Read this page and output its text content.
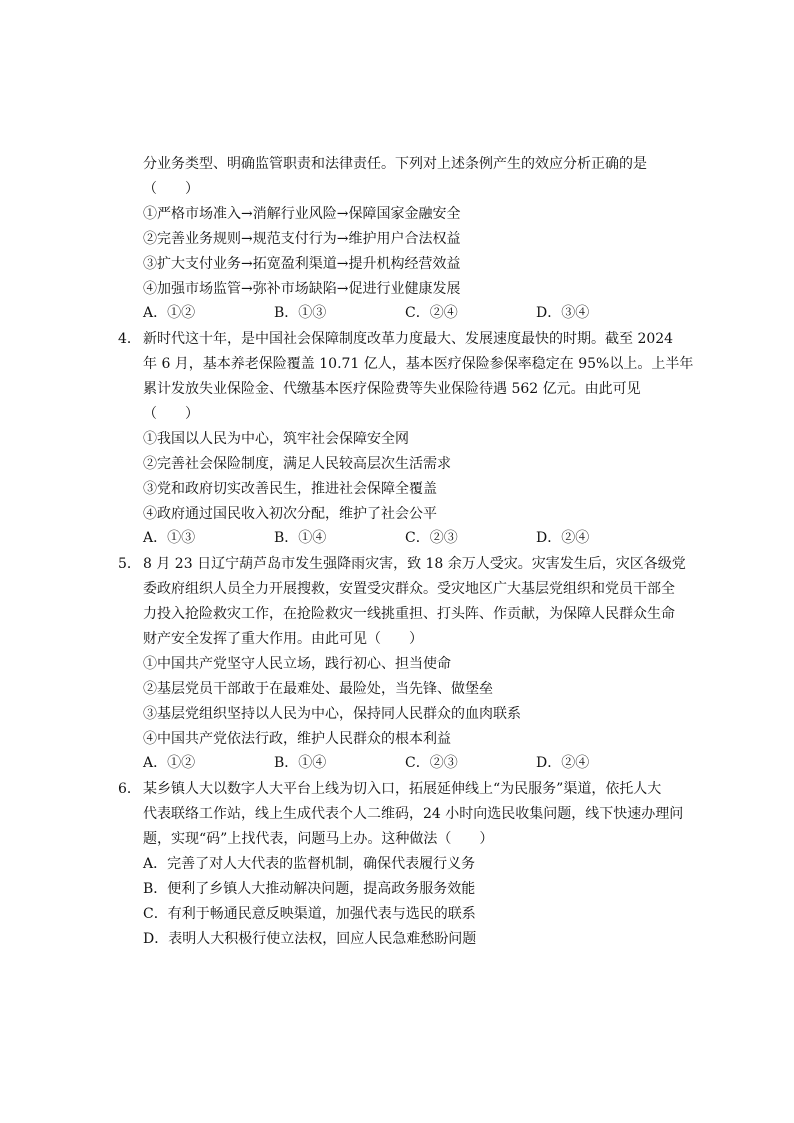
分业务类型、明确监管职责和法律责任。下列对上述条例产生的效应分析正确的是
（　　）
①严格市场准入→消解行业风险→保障国家金融安全
②完善业务规则→规范支付行为→维护用户合法权益
③扩大支付业务→拓宽盈利渠道→提升机构经营效益
④加强市场监管→弥补市场缺陷→促进行业健康发展
A．①②	B．①③	C．②④	D．③④
4． 新时代这十年，是中国社会保障制度改革力度最大、发展速度最快的时期。截至 2024
年 6 月，基本养老保险覆盖 10.71 亿人，基本医疗保险参保率稳定在 95%以上。上半年
累计发放失业保险金、代缴基本医疗保险费等失业保险待遇 562 亿元。由此可见
（　　）
①我国以人民为中心，筑牢社会保障安全网
②完善社会保险制度，满足人民较高层次生活需求
③党和政府切实改善民生，推进社会保障全覆盖
④政府通过国民收入初次分配，维护了社会公平
A．①③	B．①④	C．②③	D．②④
5． 8 月 23 日辽宁葫芦岛市发生强降雨灾害，致 18 余万人受灾。灾害发生后，灾区各级党
委政府组织人员全力开展搜救，安置受灾群众。受灾地区广大基层党组织和党员干部全
力投入抢险救灾工作，在抢险救灾一线挑重担、打头阵、作贡献，为保障人民群众生命
财产安全发挥了重大作用。由此可见（　　）
①中国共产党坚守人民立场，践行初心、担当使命
②基层党员干部敢于在最难处、最险处，当先锋、做堡垒
③基层党组织坚持以人民为中心，保持同人民群众的血肉联系
④中国共产党依法行政，维护人民群众的根本利益
A．①②	B．①④	C．②③	D．②④
6． 某乡镇人大以数字人大平台上线为切入口，拓展延伸线上“为民服务”渠道，依托人大
代表联络工作站，线上生成代表个人二维码，24 小时向选民收集问题，线下快速办理问
题，实现“码”上找代表，问题马上办。这种做法（　　）
A．完善了对人大代表的监督机制，确保代表履行义务
B．便利了乡镇人大推动解决问题，提高政务服务效能
C．有利于畅通民意反映渠道，加强代表与选民的联系
D．表明人大积极行使立法权，回应人民急难愁盼问题
